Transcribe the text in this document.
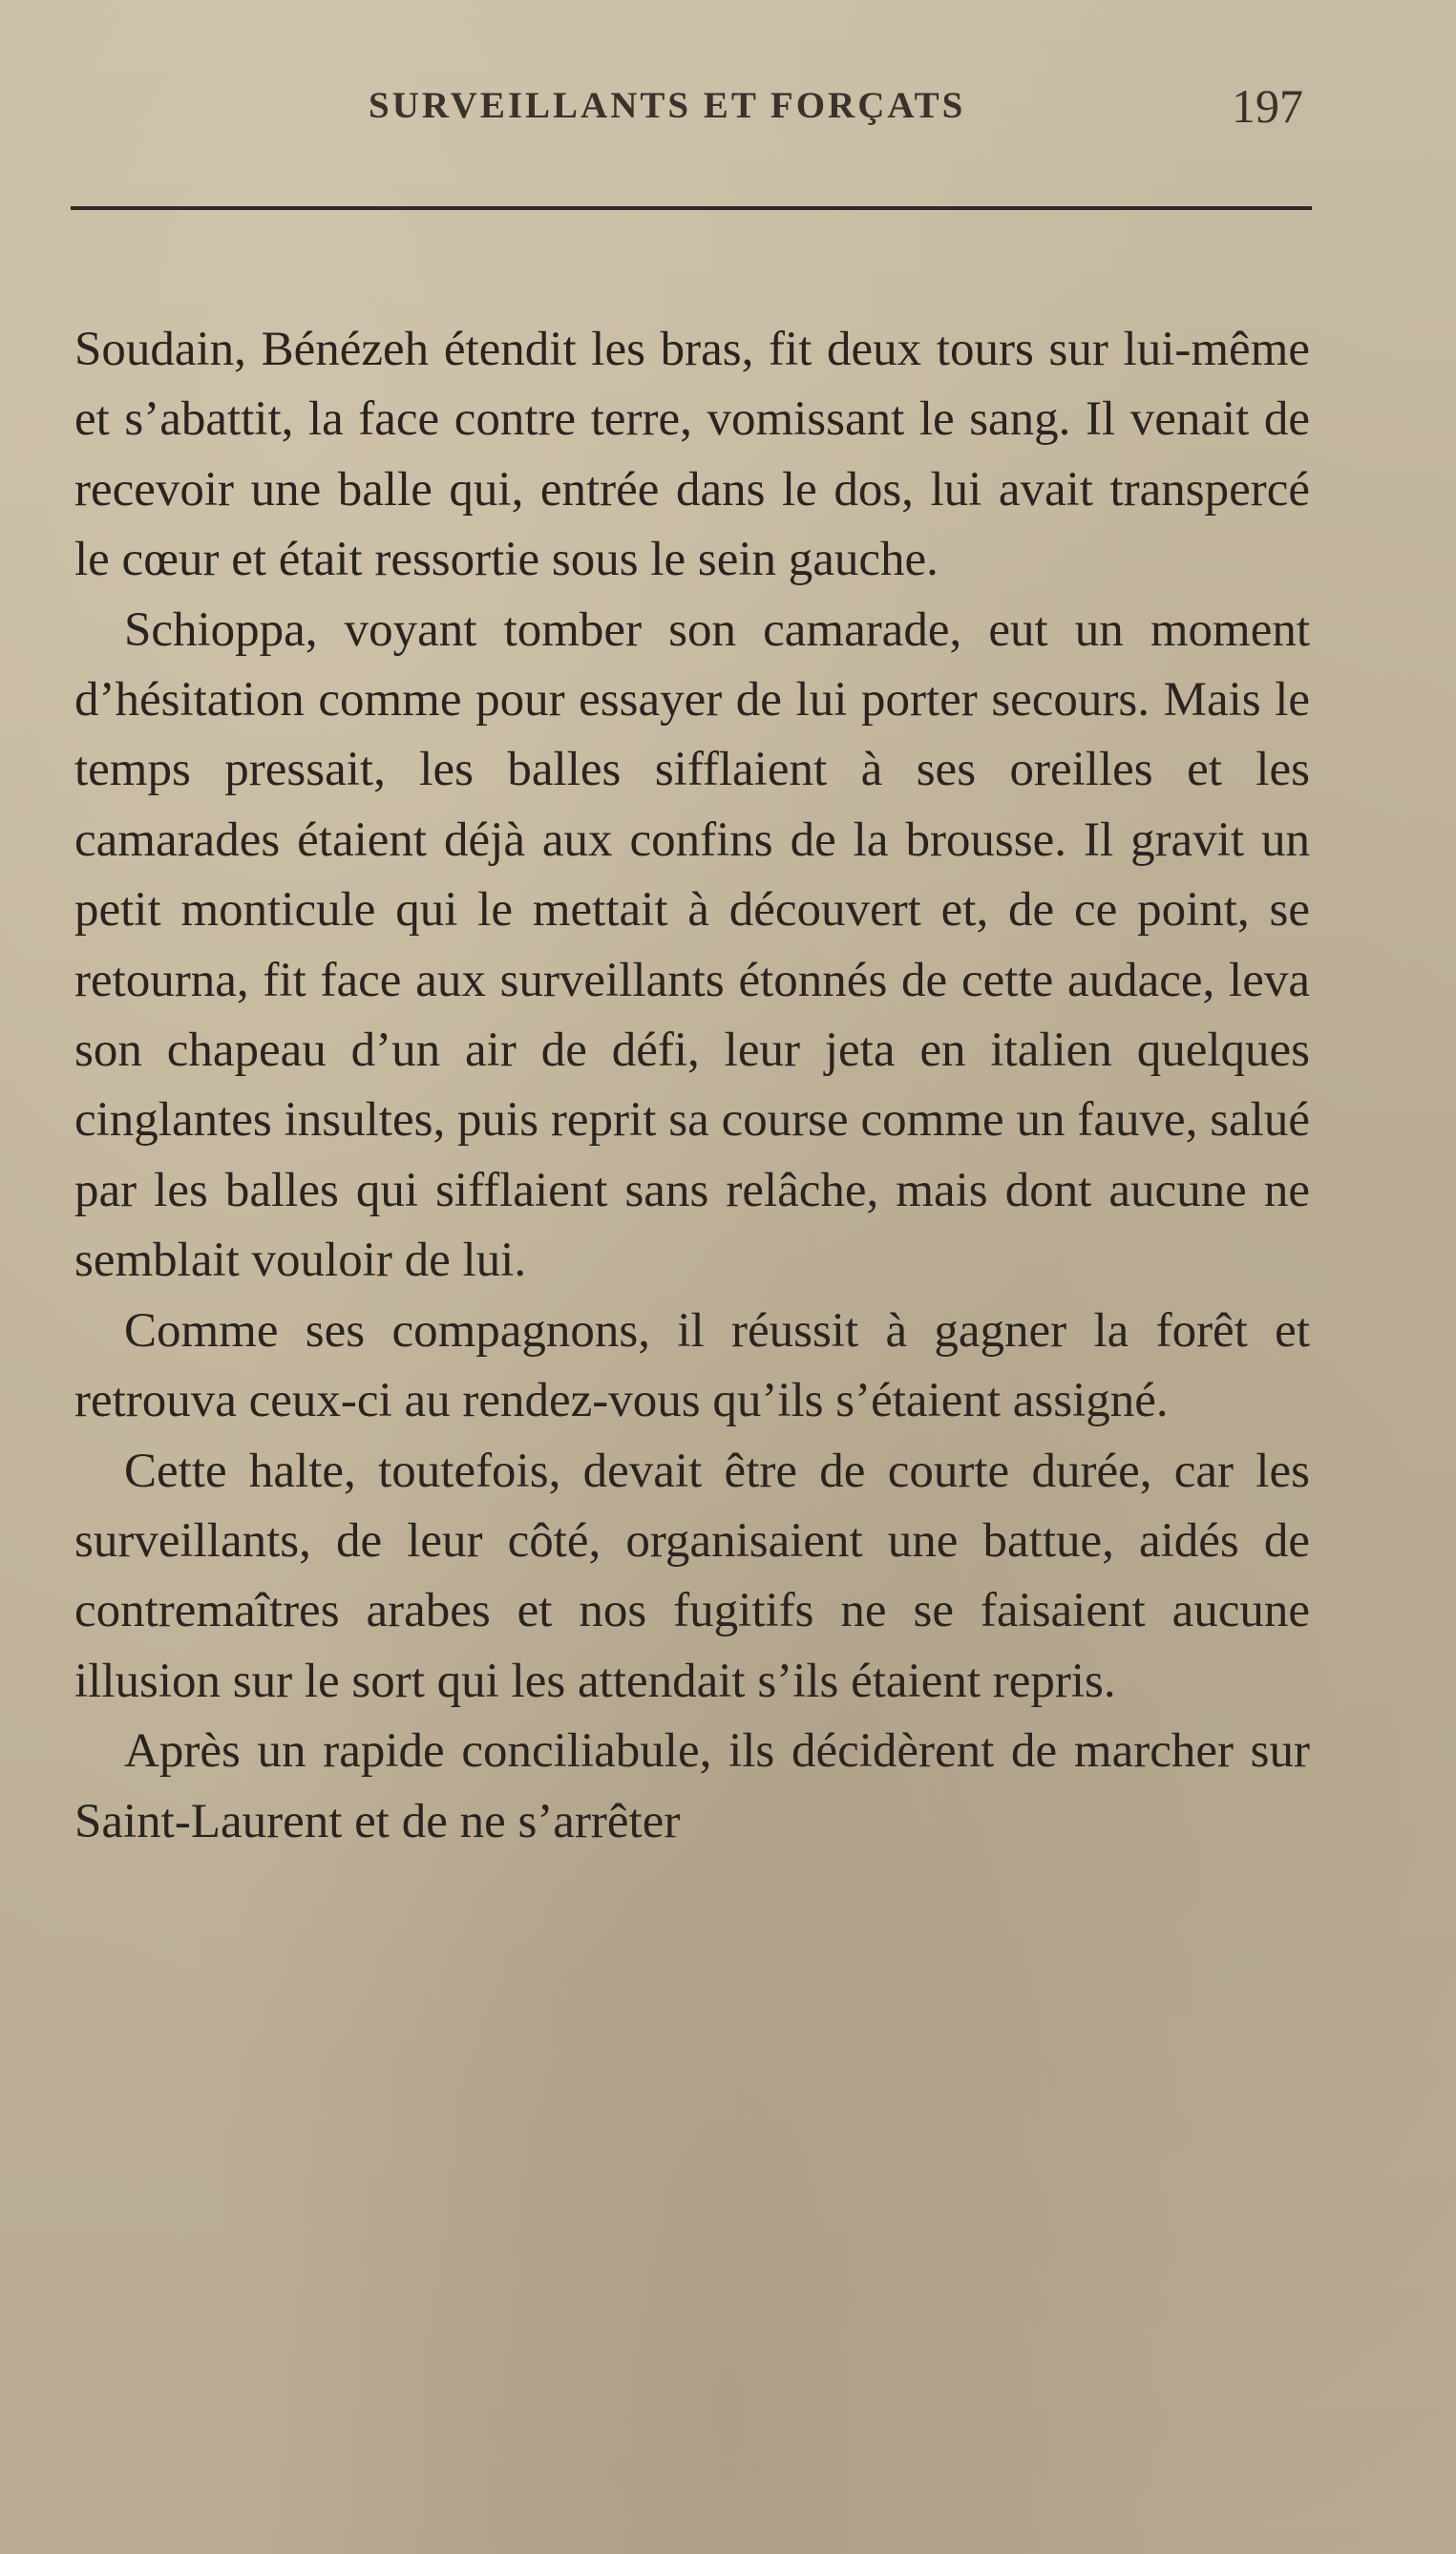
SURVEILLANTS ET FORÇATS	197

Soudain, Bénézeh étendit les bras, fit deux tours sur lui-même et s’abattit, la face contre terre, vomissant le sang. Il venait de recevoir une balle qui, entrée dans le dos, lui avait transpercé le cœur et était ressortie sous le sein gauche.

Schioppa, voyant tomber son camarade, eut un moment d’hésitation comme pour essayer de lui porter secours. Mais le temps pressait, les balles sifflaient à ses oreilles et les camarades étaient déjà aux confins de la brousse. Il gravit un petit monticule qui le mettait à découvert et, de ce point, se retourna, fit face aux surveillants étonnés de cette audace, leva son chapeau d’un air de défi, leur jeta en italien quelques cinglantes insultes, puis reprit sa course comme un fauve, salué par les balles qui sifflaient sans relâche, mais dont aucune ne semblait vouloir de lui.

Comme ses compagnons, il réussit à gagner la forêt et retrouva ceux-ci au rendez-vous qu’ils s’étaient assigné.

Cette halte, toutefois, devait être de courte durée, car les surveillants, de leur côté, organisaient une battue, aidés de contremaîtres arabes et nos fugitifs ne se faisaient aucune illusion sur le sort qui les attendait s’ils étaient repris.

Après un rapide conciliabule, ils décidèrent de marcher sur Saint-Laurent et de ne s’arrêter
